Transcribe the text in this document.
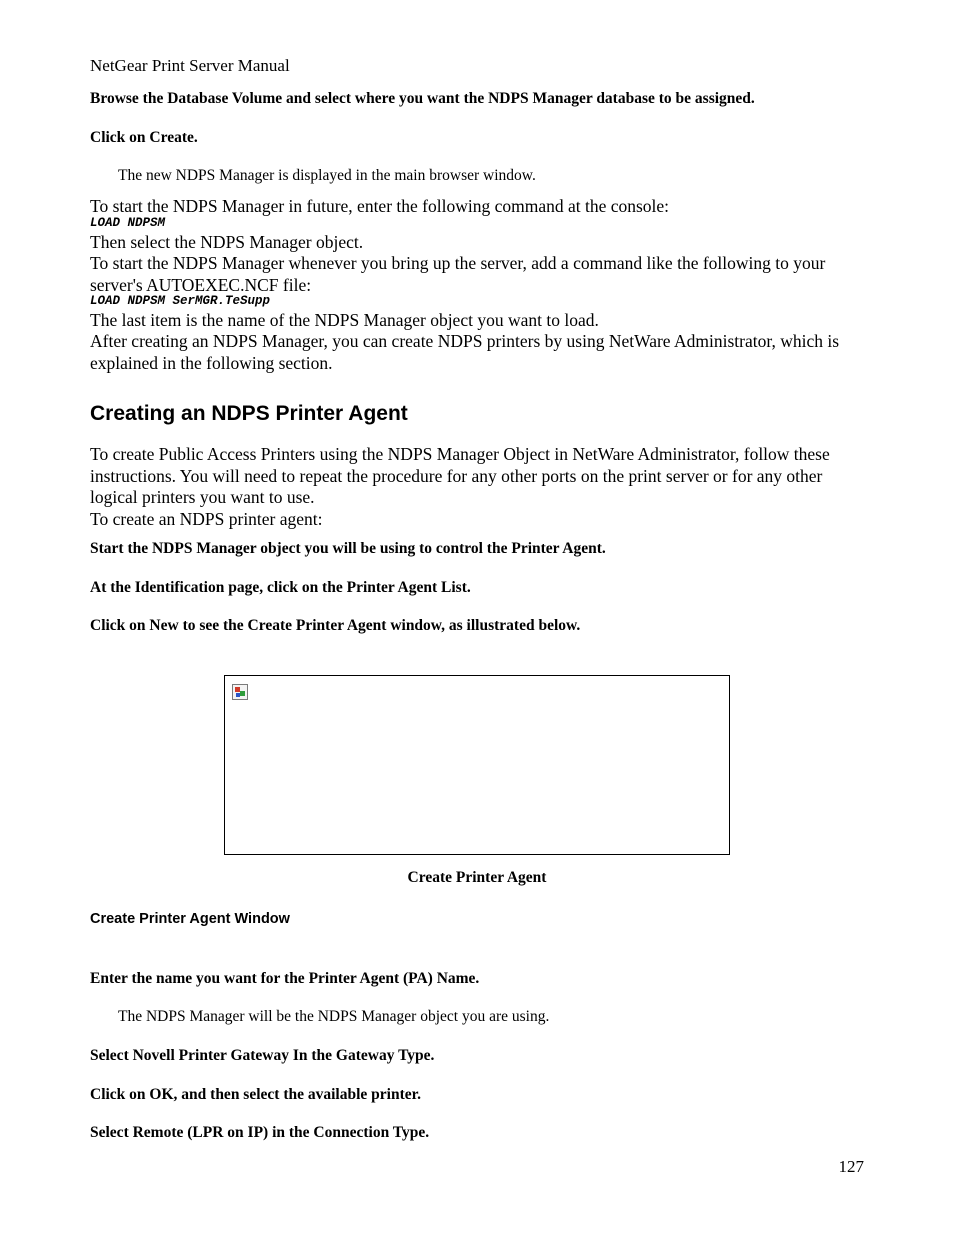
NetGear Print Server Manual
Browse the Database Volume and select where you want the NDPS Manager database to be assigned.
Click on Create.
The new NDPS Manager is displayed in the main browser window.
To start the NDPS Manager in future, enter the following command at the console:
LOAD NDPSM
Then select the NDPS Manager object.
To start the NDPS Manager whenever you bring up the server, add a command like the following to your server's AUTOEXEC.NCF file:
LOAD NDPSM SerMGR.TeSupp
The last item is the name of the NDPS Manager object you want to load.
After creating an NDPS Manager, you can create NDPS printers by using NetWare Administrator, which is explained in the following section.
Creating an NDPS Printer Agent
To create Public Access Printers using the NDPS Manager Object in NetWare Administrator, follow these instructions. You will need to repeat the procedure for any other ports on the print server or for any other logical printers you want to use.
To create an NDPS printer agent:
Start the NDPS Manager object you will be using to control the Printer Agent.
At the Identification page, click on the Printer Agent List.
Click on New to see the Create Printer Agent window, as illustrated below.
Create Printer Agent Window
Enter the name you want for the Printer Agent (PA) Name.
The NDPS Manager will be the NDPS Manager object you are using.
Select Novell Printer Gateway In the Gateway Type.
Click on OK, and then select the available printer.
Select Remote (LPR on IP) in the Connection Type.
Create Printer Agent
127
